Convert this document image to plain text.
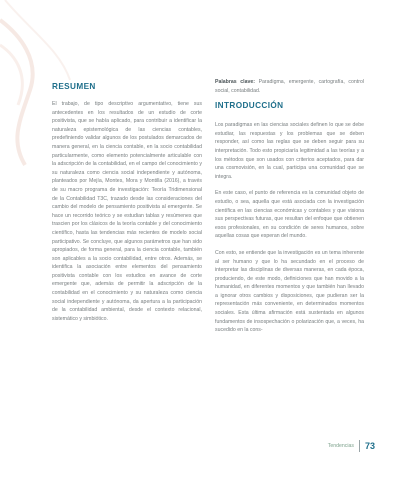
RESUMEN

El trabajo, de tipo descriptivo argumentativo, tiene sus antecedentes en los resultados de un estudio de corte positivista, que se había aplicado, para contribuir a identificar la naturaleza epistemológica de las ciencias contables, predefiniendo validar algunos de los postulados demarcados de manera general, en la ciencia contable, en la socio contabilidad particularmente, como elemento potencialmente articulable con la adscripción de la contabilidad, en el campo del conocimiento y su naturaleza como ciencia social independiente y autónoma, planteados por Mejía, Montes, Mora y Montilla (2016), a través de su macro programa de investigación: Teoría Tridimensional de la Contabilidad T3C, trazado desde las consideraciones del cambio del modelo de pensamiento positivista al emergente. Se hace un recorrido teórico y se estudian tablas y resúmenes que trascien por los clásicos de la teoría contable y del conocimiento científico, hasta las tendencias más recientes de modelo social participativo. Se concluye, que algunos parámetros que han sido apropiados, de forma general, para la ciencia contable, también son aplicables a la socio contabilidad, entre otros. Además, se identifica la asociación entre elementos del pensamiento positivista contable con los estudios en avance de corte emergente que, además de permitir la adscripción de la contabilidad en el conocimiento y su naturaleza como ciencia social independiente y autónoma, da apertura a la participación de la contabilidad ambiental, desde el contexto relacional, sistemático y simbiótico.

Palabras clave: Paradigma, emergente, cartografía, control social, contabilidad.
INTRODUCCIÓN

Los paradigmas en las ciencias sociales definen lo que se debe estudiar, las respuestas y los problemas que se deben responder, así como las reglas que se deben seguir para su interpretación. Todo esto propiciaría legitimidad a las teorías y a los métodos que son usados con criterios aceptados, para dar una cosmovisión, en la cual, participa una comunidad que se integra.

En este caso, el punto de referencia es la comunidad objeto de estudio, o sea, aquella que está asociada con la investigación científica en las ciencias económicas y contables y que visiona sus perspectivas futuras, que resultan del enfoque que obtienen esos profesionales, en su condición de seres humanos, sobre aquellas cosas que esperan del mundo.

Con esto, se entiende que la investigación es un tema inherente al ser humano y que lo ha secundado en el proceso de interpretar las disciplinas de diversas maneras, en cada época, produciendo, de este modo, definiciones que han movido a la humanidad, en diferentes momentos y que también han llevado a ignorar otros cambios y disposiciones, que pudieran ser la representación más conveniente, en determinados momentos sociales. Esta última afirmación está sustentada en algunos fundamentos de insospechación o polarización que, a veces, ha sucedido en la cons-

Tendencias 73
